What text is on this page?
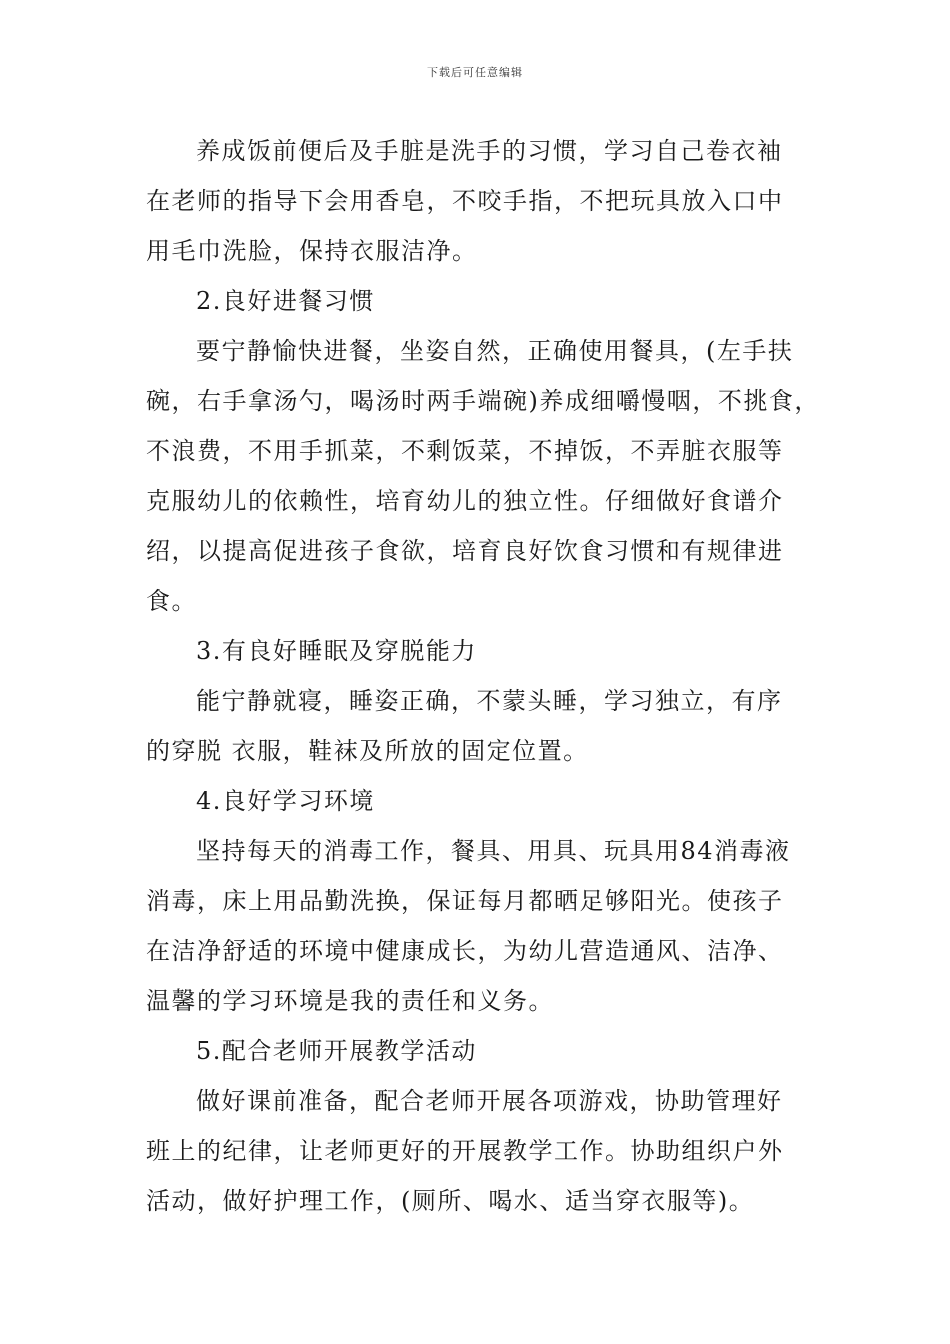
下载后可任意编辑
养成饭前便后及手脏是洗手的习惯，学习自己卷衣袖
在老师的指导下会用香皂，不咬手指，不把玩具放入口中
用毛巾洗脸，保持衣服洁净。
2.良好进餐习惯
要宁静愉快进餐，坐姿自然，正确使用餐具，(左手扶
碗，右手拿汤勺，喝汤时两手端碗)养成细嚼慢咽，不挑食，
不浪费，不用手抓菜，不剩饭菜，不掉饭，不弄脏衣服等
克服幼儿的依赖性，培育幼儿的独立性。仔细做好食谱介
绍，以提高促进孩子食欲，培育良好饮食习惯和有规律进
食。
3.有良好睡眠及穿脱能力
能宁静就寝，睡姿正确，不蒙头睡，学习独立，有序
的穿脱 衣服，鞋袜及所放的固定位置。
4.良好学习环境
坚持每天的消毒工作，餐具、用具、玩具用84消毒液
消毒，床上用品勤洗换，保证每月都晒足够阳光。使孩子
在洁净舒适的环境中健康成长，为幼儿营造通风、洁净、
温馨的学习环境是我的责任和义务。
5.配合老师开展教学活动
做好课前准备，配合老师开展各项游戏，协助管理好
班上的纪律，让老师更好的开展教学工作。协助组织户外
活动，做好护理工作，(厕所、喝水、适当穿衣服等)。
